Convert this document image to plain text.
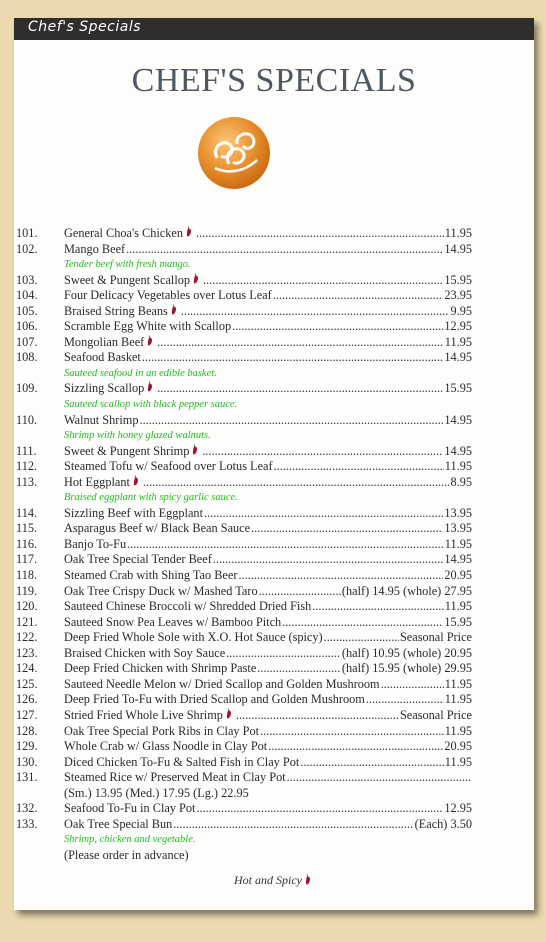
Chef's Specials
CHEF'S SPECIALS
101. General Choa's Chicken .....	11.95
102. Mango Beef .....	14.95
Tender beef with fresh mango.
103. Sweet & Pungent Scallop .....	15.95
104. Four Delicacy Vegetables over Lotus Leaf .....	23.95
105. Braised String Beans .....	9.95
106. Scramble Egg White with Scallop .....	12.95
107. Mongolian Beef .....	11.95
108. Seafood Basket .....	14.95
Sauteed seafood in an edible basket.
109. Sizzling Scallop .....	15.95
Sauteed scallop with black pepper sauce.
110. Walnut Shrimp .....	14.95
Shrimp with honey glazed walnuts.
111. Sweet & Pungent Shrimp .....	14.95
112. Steamed Tofu w/ Seafood over Lotus Leaf .....	11.95
113. Hot Eggplant .....	8.95
Braised eggplant with spicy garlic sauce.
114. Sizzling Beef with Eggplant .....	13.95
115. Asparagus Beef w/ Black Bean Sauce .....	13.95
116. Banjo To-Fu .....	11.95
117. Oak Tree Special Tender Beef .....	14.95
118. Steamed Crab with Shing Tao Beer .....	20.95
119. Oak Tree Crispy Duck w/ Mashed Taro .....	(half) 14.95 (whole) 27.95
120. Sauteed Chinese Broccoli w/ Shredded Dried Fish .....	11.95
121. Sauteed Snow Pea Leaves w/ Bamboo Pitch .....	15.95
122. Deep Fried Whole Sole with X.O. Hot Sauce (spicy) .....	Seasonal Price
123. Braised Chicken with Soy Sauce .....	(half) 10.95 (whole) 20.95
124. Deep Fried Chicken with Shrimp Paste .....	(half) 15.95 (whole) 29.95
125. Sauteed Needle Melon w/ Dried Scallop and Golden Mushroom .....	11.95
126. Deep Fried To-Fu with Dried Scallop and Golden Mushroom .....	11.95
127. Stried Fried Whole Live Shrimp .....	Seasonal Price
128. Oak Tree Special Pork Ribs in Clay Pot .....	11.95
129. Whole Crab w/ Glass Noodle in Clay Pot .....	20.95
130. Diced Chicken To-Fu & Salted Fish in Clay Pot .....	11.95
131. Steamed Rice w/ Preserved Meat in Clay Pot
.....
(Sm.) 13.95 (Med.) 17.95 (Lg.) 22.95
132. Seafood To-Fu in Clay Pot .....	12.95
133. Oak Tree Special Bun .....	(Each) 3.50
Shrimp, chicken and vegetable.
(Please order in advance)
Hot and Spicy
